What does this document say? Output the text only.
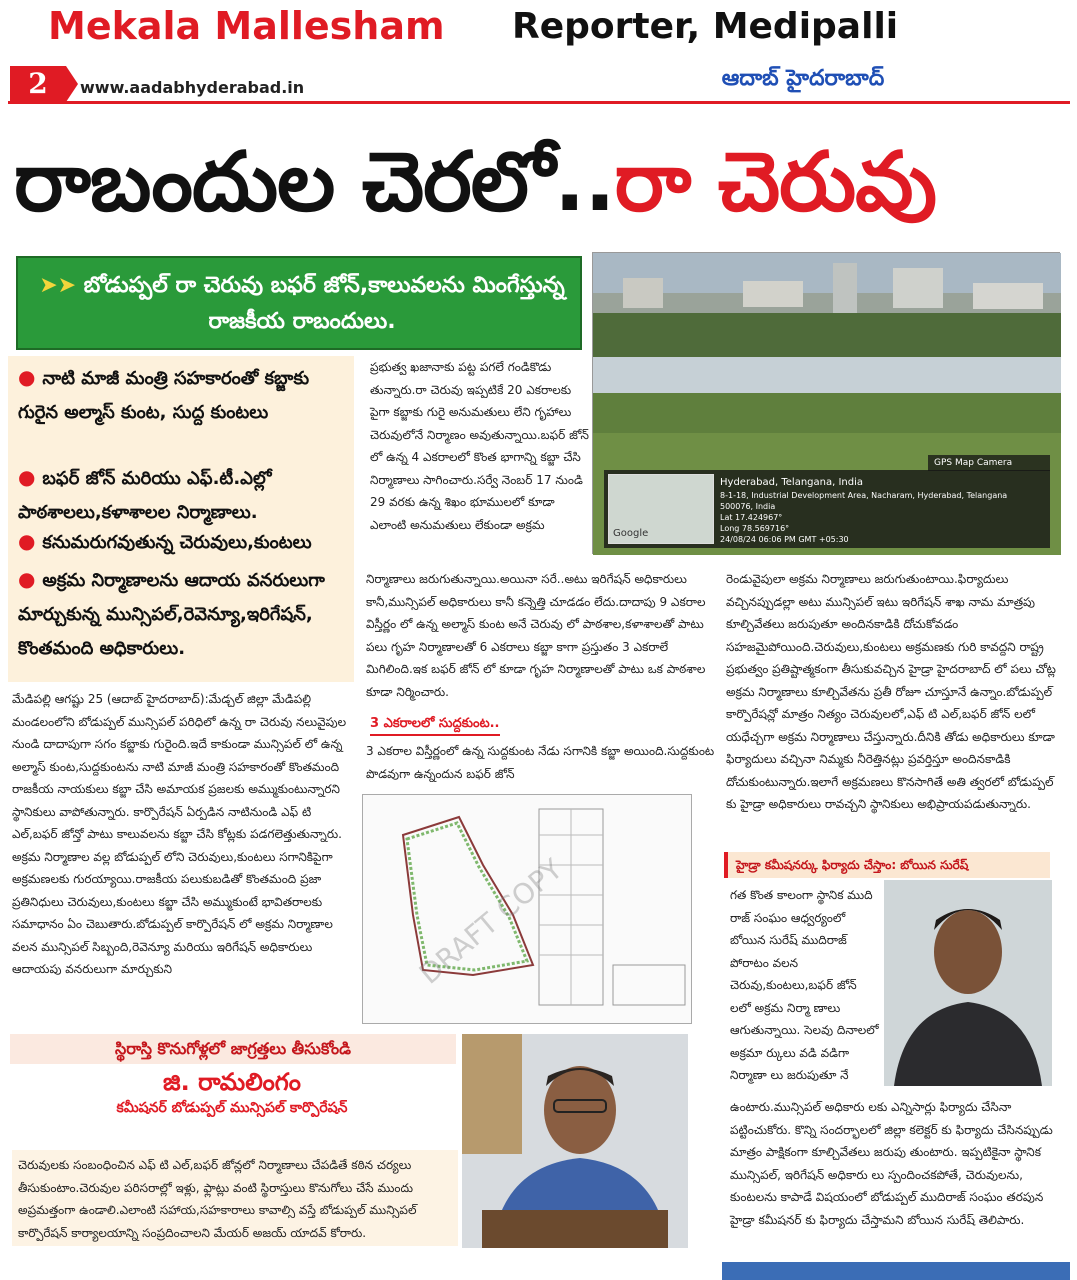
Mekala Mallesham Reporter, Medipalli
2	www.aadabhyderabad.in	ఆదాబ్ హైదరాబాద్
రాబందుల చెరలో..రా చెరువు
➤➤ బోడుప్పల్ రా చెరువు బఫర్ జోన్,కాలువలను మింగేస్తున్న రాజకీయ రాబందులు.
GPS Map Camera
Hyderabad, Telangana, India
8-1-18, Industrial Development Area, Nacharam, Hyderabad, Telangana 500076, India
Lat 17.424967°
Long 78.569716°
24/08/24 06:06 PM GMT +05:30
Google
● నాటి మాజీ మంత్రి సహకారంతో కబ్జాకు గురైన అల్మాస్ కుంట, సుద్ద కుంటలు
● బఫర్ జోన్ మరియు ఎఫ్.టీ.ఎల్లో పాఠశాలలు,కళాశాలల నిర్మాణాలు.
● కనుమరుగవుతున్న చెరువులు,కుంటలు
● అక్రమ నిర్మాణాలను ఆదాయ వనరులుగా మార్చుకున్న మున్సిపల్,రెవెన్యూ,ఇరిగేషన్, కొంతమంది అధికారులు.
ప్రభుత్వ ఖజానాకు పట్ట పగలే గండికొడు తున్నారు.రా చెరువు ఇప్పటికే 20 ఎకరాలకు పైగా కబ్జాకు గురై అనుమతులు లేని గృహాలు చెరువులోనే నిర్మాణం అవుతున్నాయి.బఫర్ జోన్ లో ఉన్న 4 ఎకరాలలో కొంత భాగాన్ని కబ్జా చేసి నిర్మాణాలు సాగించారు.సర్వే నెంబర్ 17 నుండి 29 వరకు ఉన్న శిఖం భూములలో కూడా ఎలాంటి అనుమతులు లేకుండా అక్రమ
నిర్మాణాలు జరుగుతున్నాయి.అయినా సరే..అటు ఇరిగేషన్ అధికారులు కానీ,మున్సిపల్ అధికారులు కానీ కన్నెత్తి చూడడం లేదు.దాదాపు 9 ఎకరాల విస్తీర్ణం లో ఉన్న అల్మాస్ కుంట అనే చెరువు లో పాఠశాల,కళాశాలతో పాటు పలు గృహ నిర్మాణాలతో 6 ఎకరాలు కబ్జా కాగా ప్రస్తుతం 3 ఎకరాలే మిగిలింది.ఇక బఫర్ జోన్ లో కూడా గృహ నిర్మాణాలతో పాటు ఒక పాఠశాల కూడా నిర్మించారు.
3 ఎకరాలలో సుద్దకుంట..
3 ఎకరాల విస్తీర్ణంలో ఉన్న సుద్దకుంట నేడు సగానికి కబ్జా అయింది.సుద్దకుంట పొడవుగా ఉన్నందున బఫర్ జోన్
మేడిపల్లి ఆగష్టు 25 (ఆదాబ్ హైదరాబాద్):మేడ్చల్ జిల్లా మేడిపల్లి మండలంలోని బోడుప్పల్ మున్సిపల్ పరిధిలో ఉన్న రా చెరువు నలువైపుల నుండి దాదాపుగా సగం కబ్జాకు గురైంది.ఇదే కాకుండా మున్సిపల్ లో ఉన్న అల్మాస్ కుంట,సుద్దకుంటను నాటి మాజీ మంత్రి సహకారంతో కొంతమంది రాజకీయ నాయకులు కబ్జా చేసి అమాయక ప్రజలకు అమ్ముకుంటున్నారని స్థానికులు వాపోతున్నారు. కార్పొరేషన్ ఏర్పడిన నాటినుండి ఎఫ్ టి ఎల్,బఫర్ జోన్తో పాటు కాలువలను కబ్జా చేసి కోట్లకు పడగలెత్తుతున్నారు. అక్రమ నిర్మాణాల వల్ల బోడుప్పల్ లోని చెరువులు,కుంటలు సగానికిపైగా అక్రమణలకు గురయ్యాయి.రాజకీయ పలుకుబడితో కొంతమంది ప్రజా ప్రతినిధులు చెరువులు,కుంటలు కబ్జా చేసి అమ్ముకుంటే భావితరాలకు సమాధానం ఏం చెబుతారు.బోడుప్పల్ కార్పొరేషన్ లో అక్రమ నిర్మాణాల వలన మున్సిపల్ సిబ్బంది,రెవెన్యూ మరియు ఇరిగేషన్ అధికారులు ఆదాయపు వనరులుగా మార్చుకుని
రెండువైపులా అక్రమ నిర్మాణాలు జరుగుతుంటాయి.ఫిర్యాదులు వచ్చినప్పుడల్లా అటు మున్సిపల్ ఇటు ఇరిగేషన్ శాఖ నామ మాత్రపు కూల్చివేతలు జరుపుతూ అందినకాడికి దోచుకోవడం సహజమైపోయింది.చెరువులు,కుంటలు అక్రమణకు గురి కావద్దని రాష్ట్ర ప్రభుత్వం ప్రతిష్టాత్మకంగా తీసుకువచ్చిన హైడ్రా హైదరాబాద్ లో పలు చోట్ల అక్రమ నిర్మాణాలు కూల్చివేతను ప్రతీ రోజూ చూస్తూనే ఉన్నాం.బోడుప్పల్ కార్పొరేషన్లో మాత్రం నిత్యం చెరువులలో,ఎఫ్ టి ఎల్,బఫర్ జోన్ లలో యధేచ్చగా అక్రమ నిర్మాణాలు చేస్తున్నారు.దీనికి తోడు అధికారులు కూడా ఫిర్యాదులు వచ్చినా నిమ్మకు నీరెత్తినట్లు ప్రవర్తిస్తూ అందినకాడికి దోచుకుంటున్నారు.ఇలాగే అక్రమణలు కొనసాగితే అతి త్వరలో బోడుప్పల్ కు హైడ్రా అధికారులు రావచ్చని స్థానికులు అభిప్రాయపడుతున్నారు.
DRAFT COPY	హైడ్రా కమీషనర్కు ఫిర్యాదు చేస్తాం: బోయిన సురేష్
గత కొంత కాలంగా స్థానిక ముది రాజ్ సంఘం ఆధ్వర్యంలో బోయిన సురేష్ ముదిరాజ్ పోరాటం వలన చెరువు,కుంటలు,బఫర్ జోన్ లలో అక్రమ నిర్మా ణాలు ఆగుతున్నాయి. సెలవు దినాలలో అక్రమా ర్కులు వడి వడిగా నిర్మాణా లు జరుపుతూ నే
ఉంటారు.మున్సిపల్ అధికారు లకు ఎన్నిసార్లు ఫిర్యాదు చేసినా పట్టించుకోరు. కొన్ని సందర్భాలలో జిల్లా కలెక్టర్ కు ఫిర్యాదు చేసినప్పుడు మాత్రం పాక్షికంగా కూల్చివేతలు జరుపు తుంటారు. ఇప్పటికైనా స్థానిక మున్సిపల్, ఇరిగేషన్ అధికారు లు స్పందించకపోతే, చెరువులను, కుంటలను కాపాడే విషయంలో బోడుప్పల్ ముదిరాజ్ సంఘం తరపున హైడ్రా కమీషనర్ కు ఫిర్యాదు చేస్తామని బోయిన సురేష్ తెలిపారు.
స్థిరాస్తి కొనుగోళ్లలో జాగ్రత్తలు తీసుకోండి
జి. రామలింగం
కమీషనర్ బోడుప్పల్ మున్సిపల్ కార్పొరేషన్
చెరువులకు సంబంధించిన ఎఫ్ టి ఎల్,బఫర్ జోన్లలో నిర్మాణాలు చేపడితే కఠిన చర్యలు తీసుకుంటాం.చెరువుల పరిసరాల్లో ఇళ్లు, ఫ్లాట్లు వంటి స్థిరాస్తులు కొనుగోలు చేసే ముందు అప్రమత్తంగా ఉండాలి.ఎలాంటి సహాయ,సహకారాలు కావాల్సి వస్తే బోడుప్పల్ మున్సిపల్ కార్పొరేషన్ కార్యాలయాన్ని సంప్రదించాలని మేయర్ అజయ్ యాదవ్ కోరారు.
